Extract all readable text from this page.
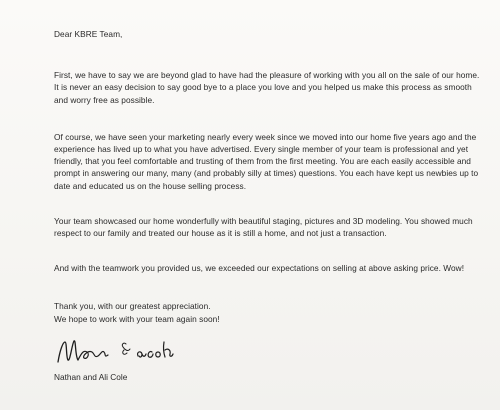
Dear KBRE Team,

First, we have to say we are beyond glad to have had the pleasure of working with you all on the sale of our home. It is never an easy decision to say good bye to a place you love and you helped us make this process as smooth and worry free as possible.

Of course, we have seen your marketing nearly every week since we moved into our home five years ago and the experience has lived up to what you have advertised. Every single member of your team is professional and yet friendly, that you feel comfortable and trusting of them from the first meeting. You are each easily accessible and prompt in answering our many, many (and probably silly at times) questions. You each have kept us newbies up to date and educated us on the house selling process.

Your team showcased our home wonderfully with beautiful staging, pictures and 3D modeling. You showed much respect to our family and treated our house as it is still a home, and not just a transaction.

And with the teamwork you provided us, we exceeded our expectations on selling at above asking price. Wow!

Thank you, with our greatest appreciation.

We hope to work with your team again soon!

Nathan and Ali Cole
